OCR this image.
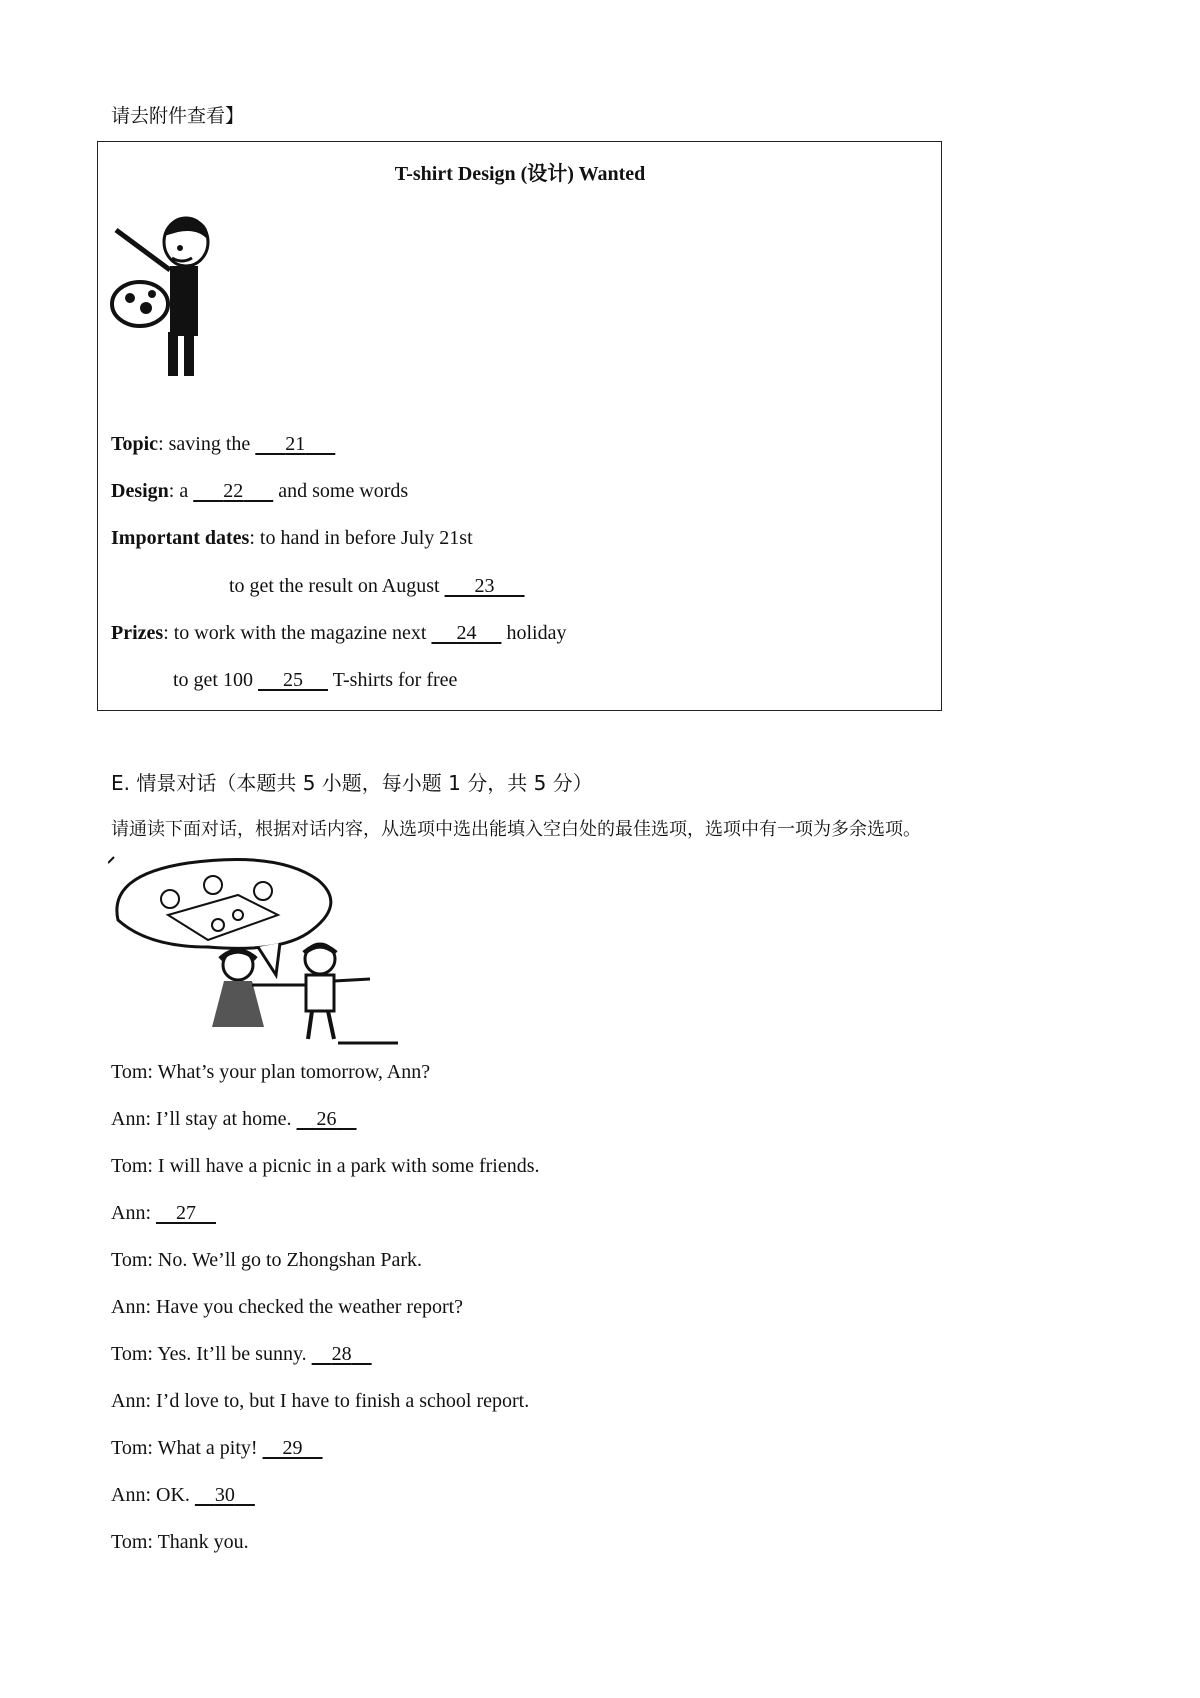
请去附件查看】
T-shirt Design (设计) Wanted
Topic: saving the       21
Design: a       22       and some words
Important dates: to hand in before July 21st
to get the result on August       23
Prizes: to work with the magazine next      24      holiday
to get 100      25      T-shirts for free
E. 情景对话（本题共 5 小题，每小题 1 分，共 5 分）
请通读下面对话，根据对话内容，从选项中选出能填入空白处的最佳选项，选项中有一项为多余选项。
Tom: What’s your plan tomorrow, Ann?
Ann: I’ll stay at home.     26
Tom: I will have a picnic in a park with some friends.
Ann:     27
Tom: No. We’ll go to Zhongshan Park.
Ann: Have you checked the weather report?
Tom: Yes. It’ll be sunny.     28
Ann: I’d love to, but I have to finish a school report.
Tom: What a pity!     29
Ann: OK.     30
Tom: Thank you.
